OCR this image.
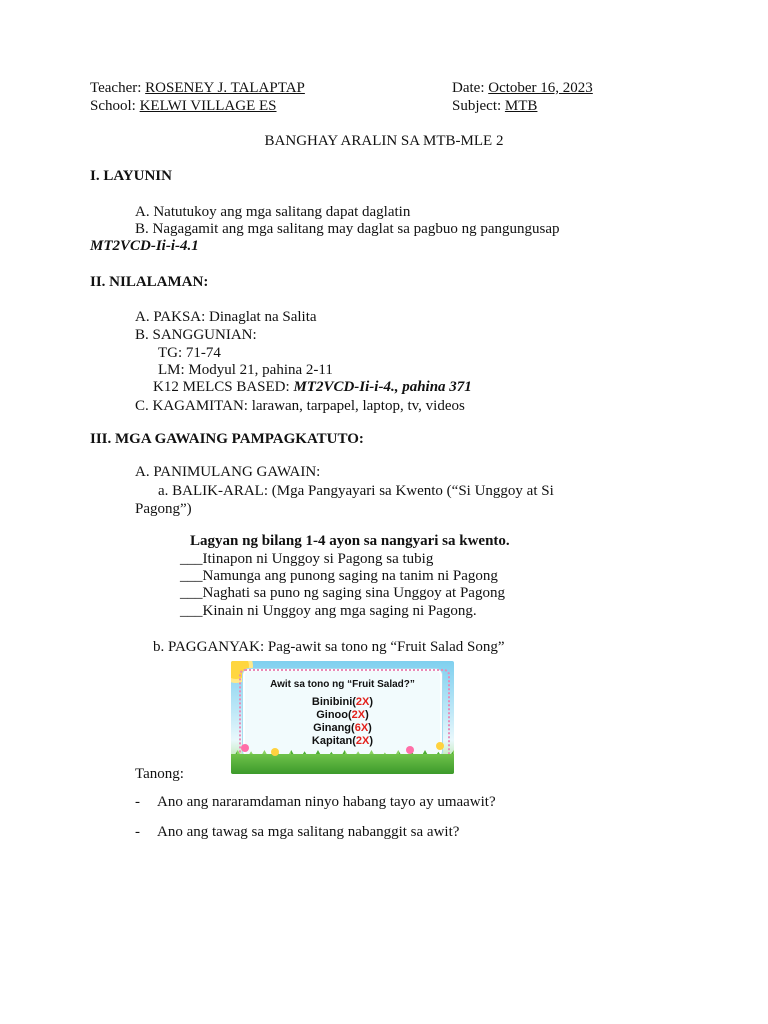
Teacher: ROSENEY J. TALAPTAP
School: KELWI VILLAGE ES
Date: October 16, 2023
Subject: MTB
BANGHAY ARALIN SA MTB-MLE 2
I. LAYUNIN
A. Natutukoy ang mga salitang dapat daglatin
B. Nagagamit ang mga salitang may daglat sa pagbuo ng pangungusap
MT2VCD-Ii-i-4.1
II. NILALAMAN:
A. PAKSA: Dinaglat na Salita
B. SANGGUNIAN:
TG: 71-74
LM: Modyul 21, pahina 2-11
K12 MELCS BASED: MT2VCD-Ii-i-4., pahina 371
C. KAGAMITAN: larawan, tarpapel, laptop, tv, videos
III. MGA GAWAING PAMPAGKATUTO:
A. PANIMULANG GAWAIN:
a. BALIK-ARAL: (Mga Pangyayari sa Kwento (“Si Unggoy at Si
Pagong”)
Lagyan ng bilang 1-4 ayon sa nangyari sa kwento.
___Itinapon ni Unggoy si Pagong sa tubig
___Namunga ang punong saging na tanim ni Pagong
___Naghati sa puno ng saging sina Unggoy at Pagong
___Kinain ni Unggoy ang mga saging ni Pagong.
b. PAGGANYAK: Pag-awit sa tono ng “Fruit Salad Song”
Awit sa tono ng “Fruit Salad?”
Binibini(2X)
Ginoo(2X)
Ginang(6X)
Kapitan(2X)
Tanong:
- Ano ang nararamdaman ninyo habang tayo ay umaawit?
- Ano ang tawag sa mga salitang nabanggit sa awit?
